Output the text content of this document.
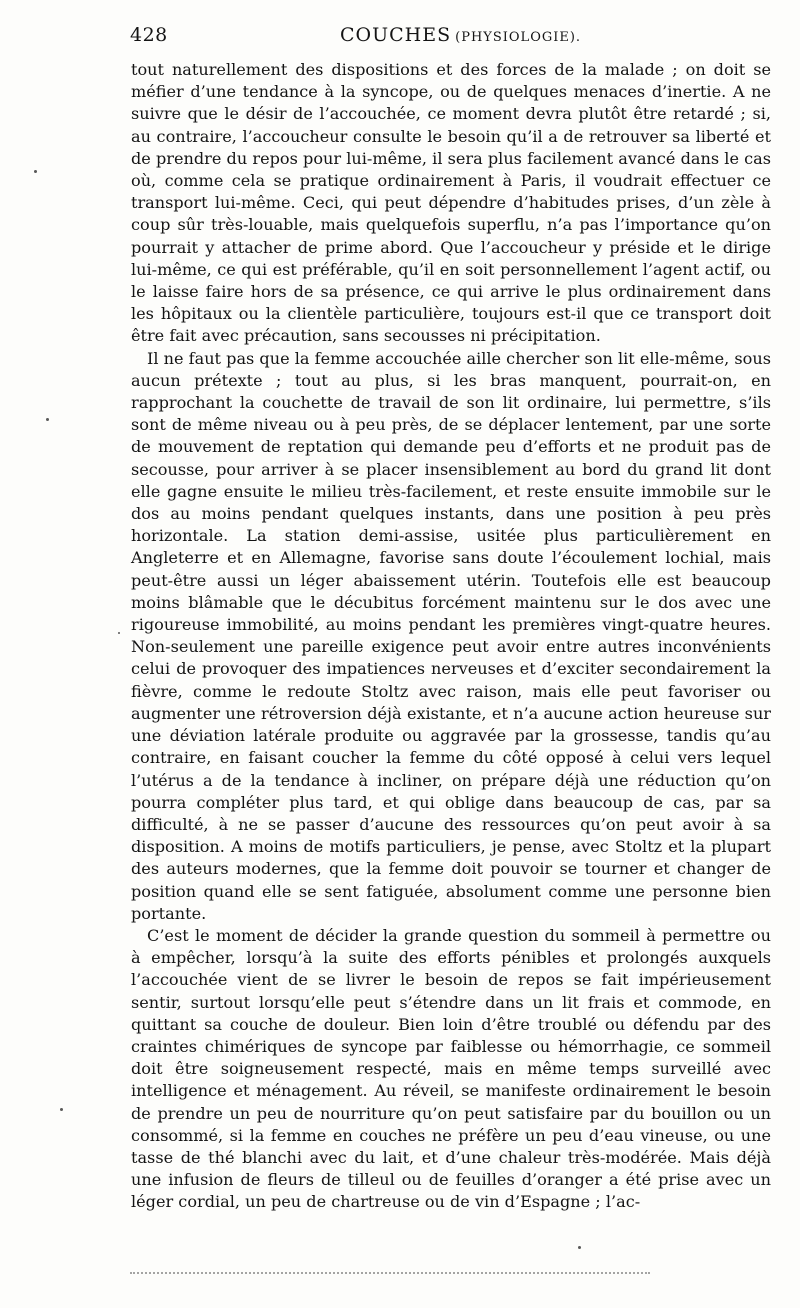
428	COUCHES (PHYSIOLOGIE).

tout naturellement des dispositions et des forces de la malade ; on doit se méfier d’une tendance à la syncope, ou de quelques menaces d’inertie. A ne suivre que le désir de l’accouchée, ce moment devra plutôt être retardé ; si, au contraire, l’accoucheur consulte le besoin qu’il a de retrouver sa liberté et de prendre du repos pour lui-même, il sera plus facilement avancé dans le cas où, comme cela se pratique ordinairement à Paris, il voudrait effectuer ce transport lui-même. Ceci, qui peut dépendre d’habitudes prises, d’un zèle à coup sûr très-louable, mais quelquefois superflu, n’a pas l’importance qu’on pourrait y attacher de prime abord. Que l’accoucheur y préside et le dirige lui-même, ce qui est préférable, qu’il en soit personnellement l’agent actif, ou le laisse faire hors de sa présence, ce qui arrive le plus ordinairement dans les hôpitaux ou la clientèle particulière, toujours est-il que ce transport doit être fait avec précaution, sans secousses ni précipitation.

Il ne faut pas que la femme accouchée aille chercher son lit elle-même, sous aucun prétexte ; tout au plus, si les bras manquent, pourrait-on, en rapprochant la couchette de travail de son lit ordinaire, lui permettre, s’ils sont de même niveau ou à peu près, de se déplacer lentement, par une sorte de mouvement de reptation qui demande peu d’efforts et ne produit pas de secousse, pour arriver à se placer insensiblement au bord du grand lit dont elle gagne ensuite le milieu très-facilement, et reste ensuite immobile sur le dos au moins pendant quelques instants, dans une position à peu près horizontale. La station demi-assise, usitée plus particulièrement en Angleterre et en Allemagne, favorise sans doute l’écoulement lochial, mais peut-être aussi un léger abaissement utérin. Toutefois elle est beaucoup moins blâmable que le décubitus forcément maintenu sur le dos avec une rigoureuse immobilité, au moins pendant les premières vingt-quatre heures. Non-seulement une pareille exigence peut avoir entre autres inconvénients celui de provoquer des impatiences nerveuses et d’exciter secondairement la fièvre, comme le redoute Stoltz avec raison, mais elle peut favoriser ou augmenter une rétroversion déjà existante, et n’a aucune action heureuse sur une déviation latérale produite ou aggravée par la grossesse, tandis qu’au contraire, en faisant coucher la femme du côté opposé à celui vers lequel l’utérus a de la tendance à incliner, on prépare déjà une réduction qu’on pourra compléter plus tard, et qui oblige dans beaucoup de cas, par sa difficulté, à ne se passer d’aucune des ressources qu’on peut avoir à sa disposition. A moins de motifs particuliers, je pense, avec Stoltz et la plupart des auteurs modernes, que la femme doit pouvoir se tourner et changer de position quand elle se sent fatiguée, absolument comme une personne bien portante.

C’est le moment de décider la grande question du sommeil à permettre ou à empêcher, lorsqu’à la suite des efforts pénibles et prolongés auxquels l’accouchée vient de se livrer le besoin de repos se fait impérieusement sentir, surtout lorsqu’elle peut s’étendre dans un lit frais et commode, en quittant sa couche de douleur. Bien loin d’être troublé ou défendu par des craintes chimériques de syncope par faiblesse ou hémorrhagie, ce sommeil doit être soigneusement respecté, mais en même temps surveillé avec intelligence et ménagement. Au réveil, se manifeste ordinairement le besoin de prendre un peu de nourriture qu’on peut satisfaire par du bouillon ou un consommé, si la femme en couches ne préfère un peu d’eau vineuse, ou une tasse de thé blanchi avec du lait, et d’une chaleur très-modérée. Mais déjà une infusion de fleurs de tilleul ou de feuilles d’oranger a été prise avec un léger cordial, un peu de chartreuse ou de vin d’Espagne ; l’ac-
